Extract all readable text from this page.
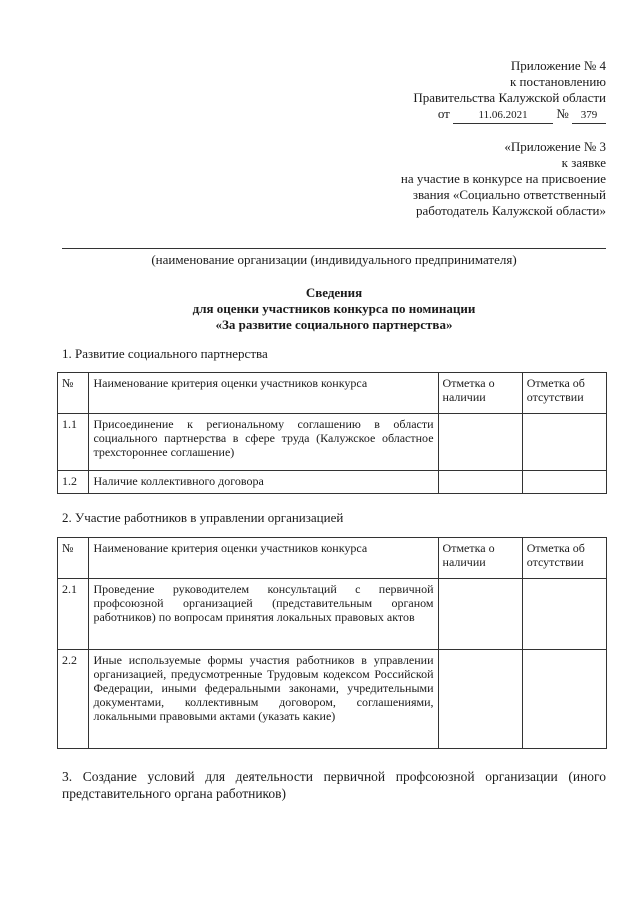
Приложение № 4
к постановлению
Правительства Калужской области
от	11.06.2021 № 379
«Приложение № 3
к заявке
на участие в конкурсе на присвоение
звания «Социально ответственный
работодатель Калужской области»
(наименование организации (индивидуального предпринимателя)
Сведения
для оценки участников конкурса по номинации
«За развитие социального партнерства»
1. Развитие социального партнерства
№	Наименование критерия оценки участников конкурса	Отметка о наличии	Отметка об отсутствии
1.1	Присоединение к региональному соглашению в области социального партнерства в сфере труда (Калужское областное трехстороннее соглашение)		
1.2	Наличие коллективного договора		
2. Участие работников в управлении организацией
№	Наименование критерия оценки участников конкурса	Отметка о наличии	Отметка об отсутствии
2.1	Проведение руководителем консультаций с первичной профсоюзной организацией (представительным органом работников) по вопросам принятия локальных правовых актов		
2.2	Иные используемые формы участия работников в управлении организацией, предусмотренные Трудовым кодексом Российской Федерации, иными федеральными законами, учредительными документами, коллективным договором, соглашениями, локальными правовыми актами (указать какие)		
3. Создание условий для деятельности первичной профсоюзной организации (иного представительного органа работников)
